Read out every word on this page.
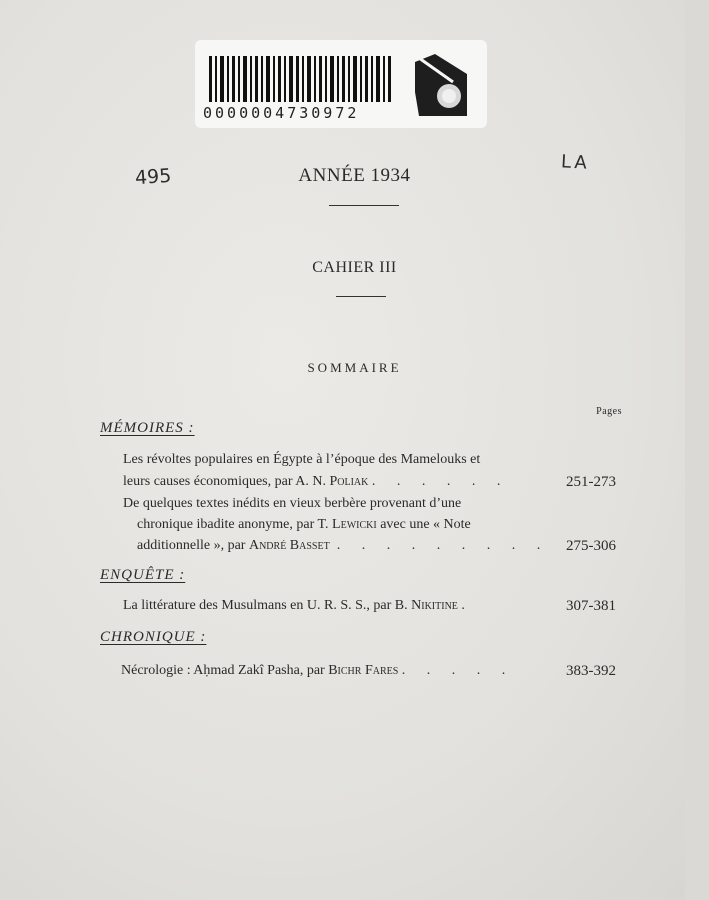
0000004730972
495
LA
ANNÉE 1934
CAHIER III
SOMMAIRE
Pages
MÉMOIRES :
Les révoltes populaires en Égypte à l’époque des Mamelouks et
leurs causes économiques, par A. N. Poliak . . . . . .	251-273
De quelques textes inédits en vieux berbère provenant d’une
chronique ibadite anonyme, par T. Lewicki avec une « Note
additionnelle », par André Basset . . . . . . . . . 275-306
ENQUÊTE :
La littérature des Musulmans en U. R. S. S., par B. Nikitine .	307-381
CHRONIQUE :
Nécrologie : Aḥmad Zakî Pasha, par Bichr Fares . . . . .	383-392
